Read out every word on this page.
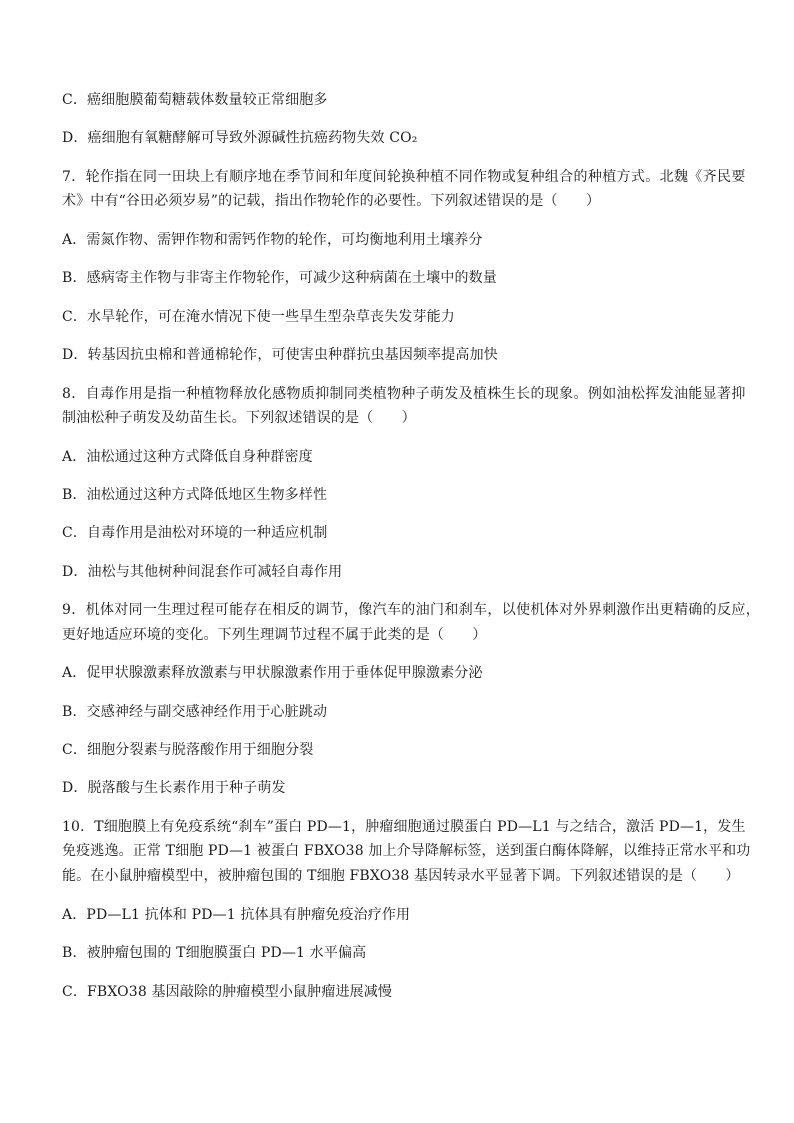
C．癌细胞膜葡萄糖载体数量较正常细胞多
D．癌细胞有氧糖酵解可导致外源碱性抗癌药物失效 CO₂
7．轮作指在同一田块上有顺序地在季节间和年度间轮换种植不同作物或复种组合的种植方式。北魏《齐民要
术》中有“谷田必须岁易”的记载，指出作物轮作的必要性。下列叙述错误的是（　　）
A．需氮作物、需钾作物和需钙作物的轮作，可均衡地利用土壤养分
B．感病寄主作物与非寄主作物轮作，可减少这种病菌在土壤中的数量
C．水旱轮作，可在淹水情况下使一些旱生型杂草丧失发芽能力
D．转基因抗虫棉和普通棉轮作，可使害虫种群抗虫基因频率提高加快
8．自毒作用是指一种植物释放化感物质抑制同类植物种子萌发及植株生长的现象。例如油松挥发油能显著抑
制油松种子萌发及幼苗生长。下列叙述错误的是（　　）
A．油松通过这种方式降低自身种群密度
B．油松通过这种方式降低地区生物多样性
C．自毒作用是油松对环境的一种适应机制
D．油松与其他树种间混套作可减轻自毒作用
9．机体对同一生理过程可能存在相反的调节，像汽车的油门和刹车，以使机体对外界刺激作出更精确的反应，
更好地适应环境的变化。下列生理调节过程不属于此类的是（　　）
A．促甲状腺激素释放激素与甲状腺激素作用于垂体促甲腺激素分泌
B．交感神经与副交感神经作用于心脏跳动
C．细胞分裂素与脱落酸作用于细胞分裂
D．脱落酸与生长素作用于种子萌发
10．T细胞膜上有免疫系统“刹车”蛋白 PD—1，肿瘤细胞通过膜蛋白 PD—L1 与之结合，激活 PD—1，发生
免疫逃逸。正常 T细胞 PD—1 被蛋白 FBXO38 加上介导降解标签，送到蛋白酶体降解，以维持正常水平和功
能。在小鼠肿瘤模型中，被肿瘤包围的 T细胞 FBXO38 基因转录水平显著下调。下列叙述错误的是（　　）
A．PD—L1 抗体和 PD—1 抗体具有肿瘤免疫治疗作用
B．被肿瘤包围的 T细胞膜蛋白 PD—1 水平偏高
C．FBXO38 基因敲除的肿瘤模型小鼠肿瘤进展减慢
